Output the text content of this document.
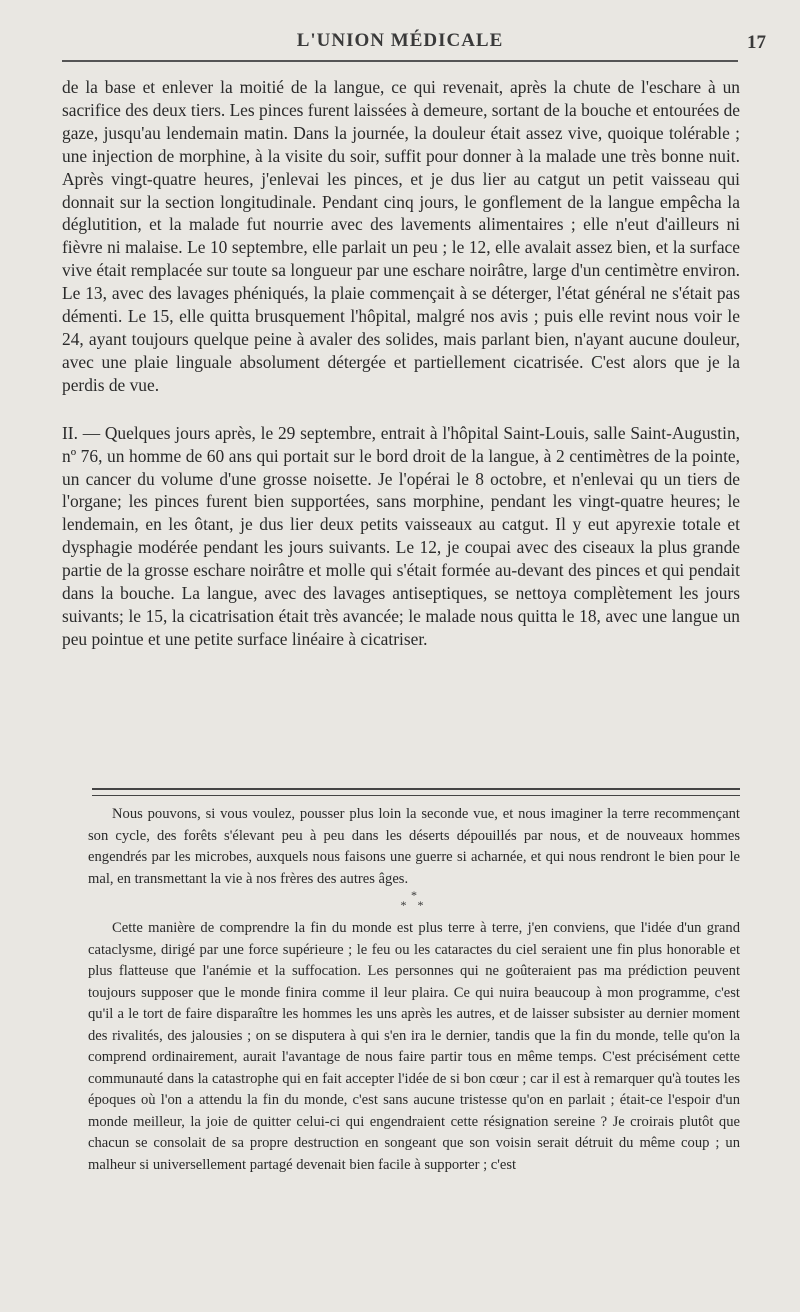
L'UNION MÉDICALE	17

de la base et enlever la moitié de la langue, ce qui revenait, après la chute de l'eschare à un sacrifice des deux tiers. Les pinces furent laissées à demeure, sortant de la bouche et entourées de gaze, jusqu'au lendemain matin. Dans la journée, la douleur était assez vive, quoique tolérable ; une injection de morphine, à la visite du soir, suffit pour donner à la malade une très bonne nuit. Après vingt-quatre heures, j'enlevai les pinces, et je dus lier au catgut un petit vaisseau qui donnait sur la section longitudinale. Pendant cinq jours, le gonflement de la langue empêcha la déglutition, et la malade fut nourrie avec des lavements alimentaires ; elle n'eut d'ailleurs ni fièvre ni malaise. Le 10 septembre, elle parlait un peu ; le 12, elle avalait assez bien, et la surface vive était remplacée sur toute sa longueur par une eschare noirâtre, large d'un centimètre environ. Le 13, avec des lavages phéniqués, la plaie commençait à se déterger, l'état général ne s'était pas démenti. Le 15, elle quitta brusquement l'hôpital, malgré nos avis ; puis elle revint nous voir le 24, ayant toujours quelque peine à avaler des solides, mais parlant bien, n'ayant aucune douleur, avec une plaie linguale absolument détergée et partiellement cicatrisée. C'est alors que je la perdis de vue.

II. — Quelques jours après, le 29 septembre, entrait à l'hôpital Saint-Louis, salle Saint-Augustin, nº 76, un homme de 60 ans qui portait sur le bord droit de la langue, à 2 centimètres de la pointe, un cancer du volume d'une grosse noisette. Je l'opérai le 8 octobre, et n'enlevai qu un tiers de l'organe; les pinces furent bien supportées, sans morphine, pendant les vingt-quatre heures; le lendemain, en les ôtant, je dus lier deux petits vaisseaux au catgut. Il y eut apyrexie totale et dysphagie modérée pendant les jours suivants. Le 12, je coupai avec des ciseaux la plus grande partie de la grosse eschare noirâtre et molle qui s'était formée au-devant des pinces et qui pendait dans la bouche. La langue, avec des lavages antiseptiques, se nettoya complètement les jours suivants; le 15, la cicatrisation était très avancée; le malade nous quitta le 18, avec une langue un peu pointue et une petite surface linéaire à cicatriser.

Nous pouvons, si vous voulez, pousser plus loin la seconde vue, et nous imaginer la terre recommençant son cycle, des forêts s'élevant peu à peu dans les déserts dépouillés par nous, et de nouveaux hommes engendrés par les microbes, auxquels nous faisons une guerre si acharnée, et qui nous rendront le bien pour le mal, en transmettant la vie à nos frères des autres âges.

*
* *

Cette manière de comprendre la fin du monde est plus terre à terre, j'en conviens, que l'idée d'un grand cataclysme, dirigé par une force supérieure ; le feu ou les cataractes du ciel seraient une fin plus honorable et plus flatteuse que l'anémie et la suffocation. Les personnes qui ne goûteraient pas ma prédiction peuvent toujours supposer que le monde finira comme il leur plaira. Ce qui nuira beaucoup à mon programme, c'est qu'il a le tort de faire disparaître les hommes les uns après les autres, et de laisser subsister au dernier moment des rivalités, des jalousies ; on se disputera à qui s'en ira le dernier, tandis que la fin du monde, telle qu'on la comprend ordinairement, aurait l'avantage de nous faire partir tous en même temps. C'est précisément cette communauté dans la catastrophe qui en fait accepter l'idée de si bon cœur ; car il est à remarquer qu'à toutes les époques où l'on a attendu la fin du monde, c'est sans aucune tristesse qu'on en parlait ; était-ce l'espoir d'un monde meilleur, la joie de quitter celui-ci qui engendraient cette résignation sereine ? Je croirais plutôt que chacun se consolait de sa propre destruction en songeant que son voisin serait détruit du même coup ; un malheur si universellement partagé devenait bien facile à supporter ; c'est
